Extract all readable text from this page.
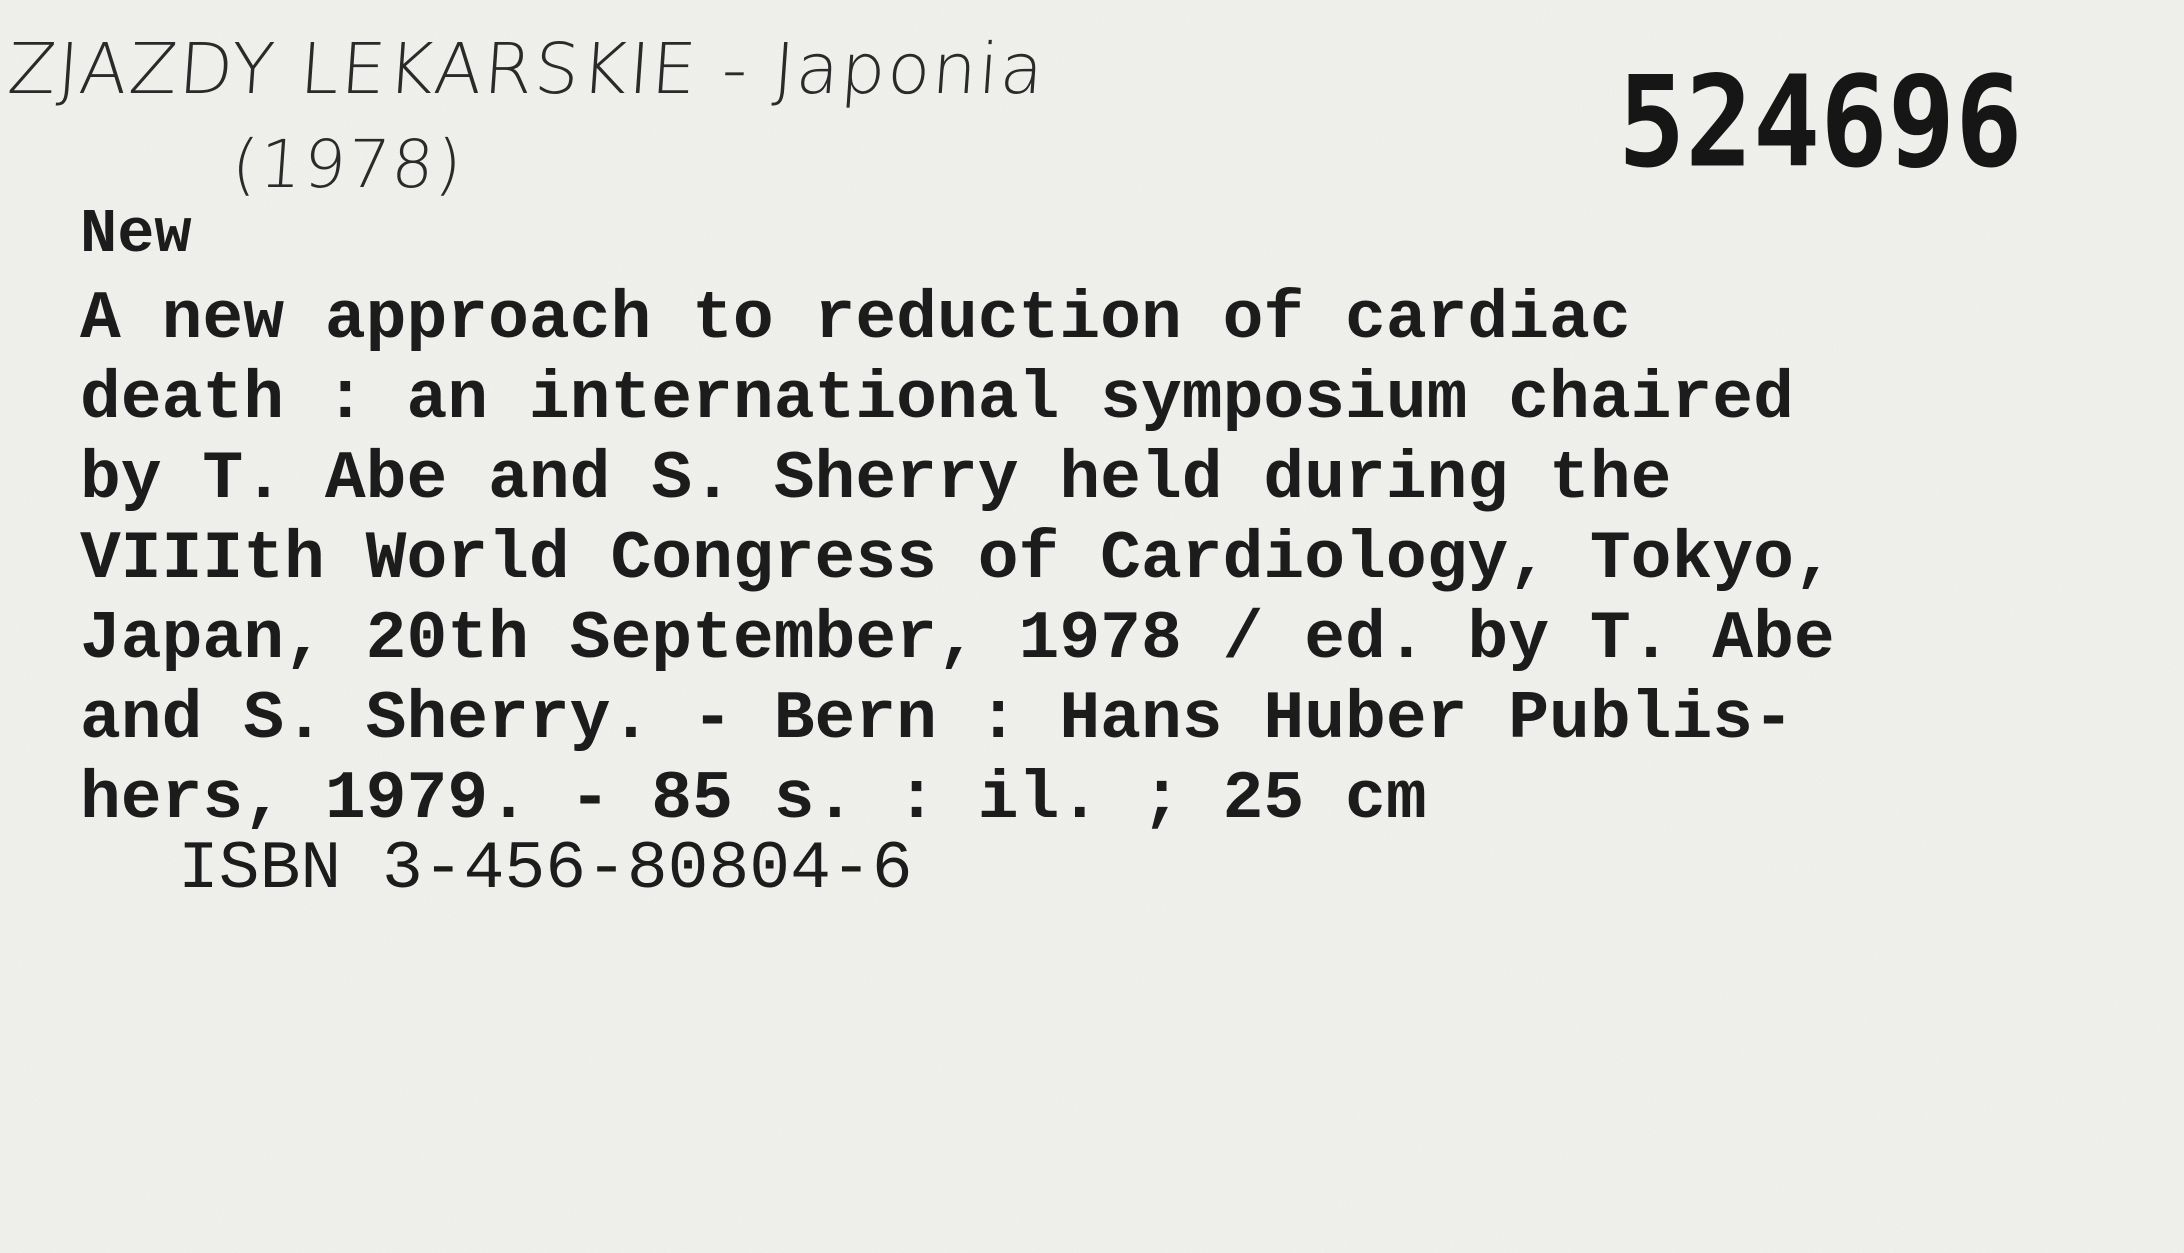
ZJAZDY LEKARSKIE - Japonia
(1978)	524696
New
A new approach to reduction of cardiac
death : an international symposium chaired
by T. Abe and S. Sherry held during the
VIIIth World Congress of Cardiology, Tokyo,
Japan, 20th September, 1978 / ed. by T. Abe
and S. Sherry. - Bern : Hans Huber Publis-
hers, 1979. - 85 s. : il. ; 25 cm
ISBN 3-456-80804-6
